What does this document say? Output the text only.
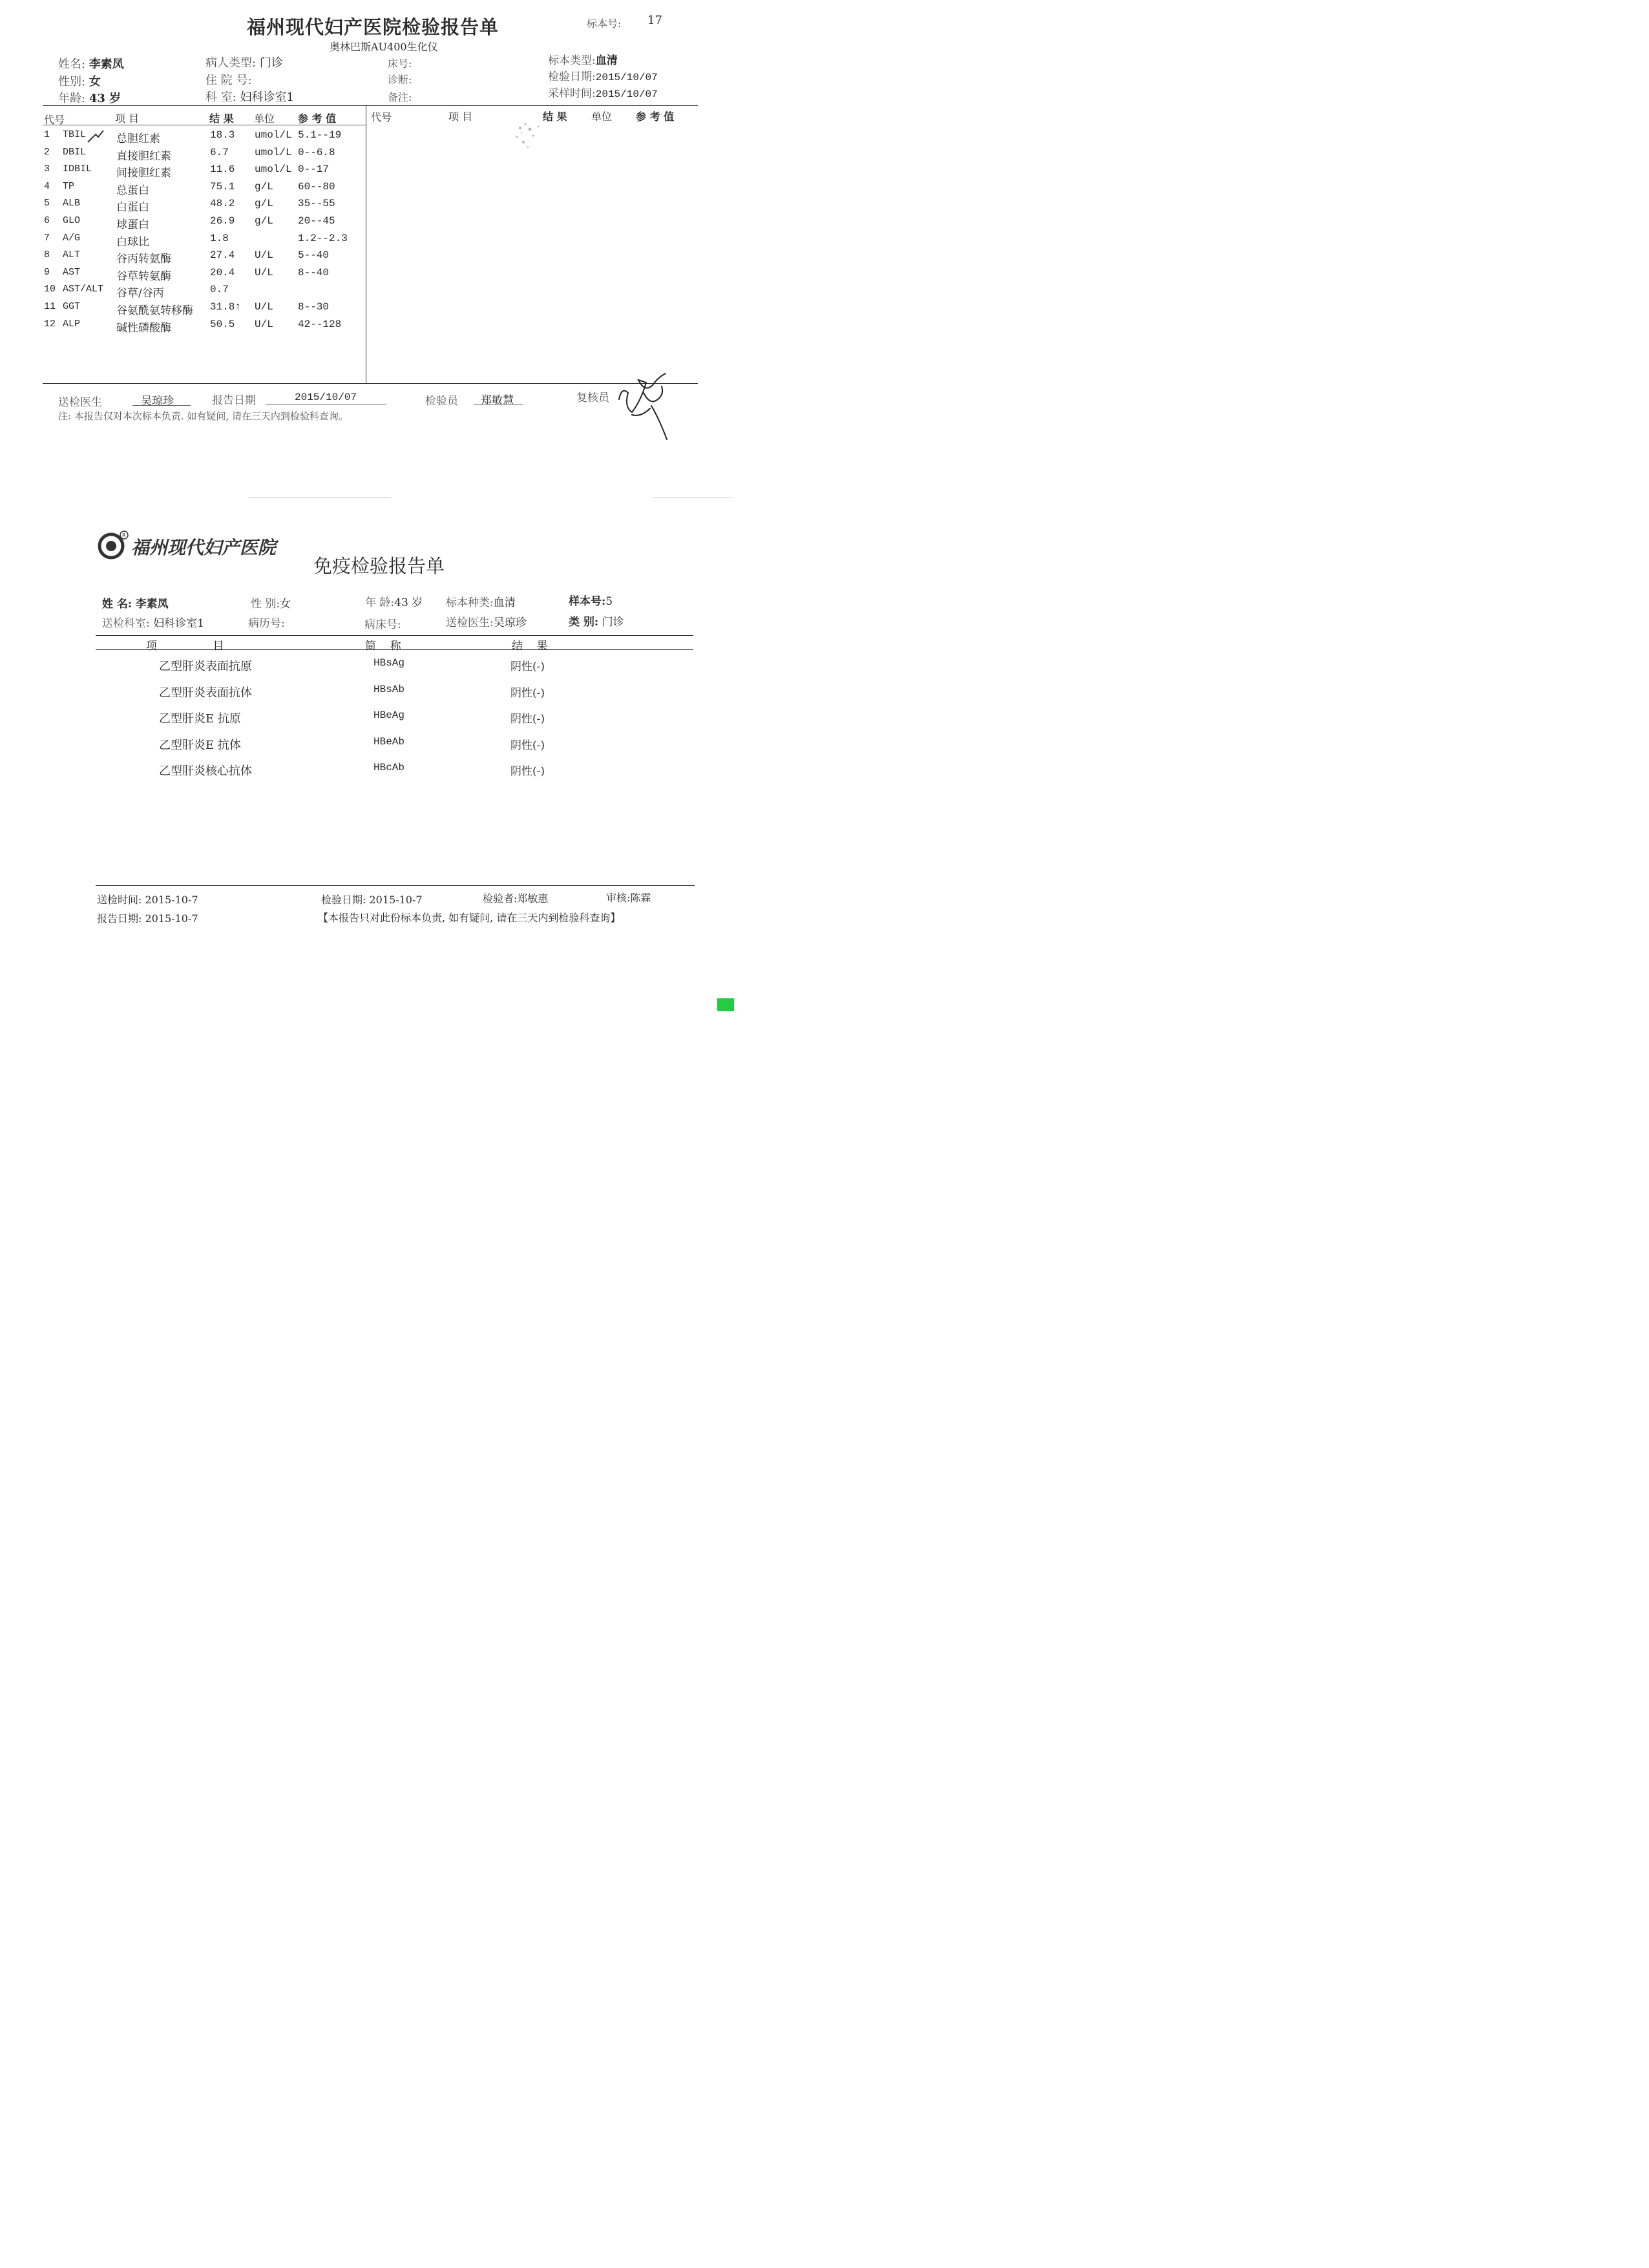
福州现代妇产医院检验报告单
奥林巴斯AU400生化仪
标本号: 17
姓名: 李素凤
性别: 女
年龄: 43 岁
病人类型: 门诊
住 院 号:
科 室: 妇科诊室1
床号:
诊断:
备注:
标本类型:血清
检验日期:2015/10/07
采样时间:2015/10/07
代号	项 目	结 果 单位 参 考 值	代号	项 目	结 果 单位 参 考 值
1 TBIL	总胆红素	18.3 umol/L 5.1--19
2 DBIL	直接胆红素	6.7	umol/L 0--6.8
3 IDBIL 间接胆红素	11.6 umol/L 0--17
4 TP	总蛋白	75.1 g/L 60--80
5 ALB	白蛋白	48.2 g/L 35--55
6 GLO	球蛋白	26.9 g/L 20--45
7 A/G	白球比	1.8	1.2--2.3
8 ALT	谷丙转氨酶	27.4 U/L 5--40
9 AST	谷草转氨酶	20.4 U/L 8--40
10 AST/ALT 谷草/谷丙	0.7
11 GGT	谷氨酰氨转移酶 31.8↑ U/L 8--30
12 ALP	碱性磷酸酶	50.5 U/L 42--128
送检医生	吴琼珍	报告日期	2015/10/07	检验员 郑敏慧	复核员
注: 本报告仅对本次标本负责. 如有疑问, 请在三天内到检验科查询。
R
福州现代妇产医院
免疫检验报告单
姓 名: 李素凤	性 别:女	年 龄:43 岁 标本种类:血清	样本号:5
送检科室: 妇科诊室1	病历号:	病床号:	送检医生:吴琼珍	类 别: 门诊
项                目	简    称	结    果
乙型肝炎表面抗原	HBsAg	阴性(-)
乙型肝炎表面抗体	HBsAb	阴性(-)
乙型肝炎E 抗原	HBeAg	阴性(-)
乙型肝炎E 抗体	HBeAb	阴性(-)
乙型肝炎核心抗体	HBcAb	阴性(-)
送检时间: 2015-10-7
报告日期: 2015-10-7
检验日期: 2015-10-7	检验者:郑敏惠	审核:陈霖
【本报告只对此份标本负责, 如有疑问, 请在三天内到检验科查询】
